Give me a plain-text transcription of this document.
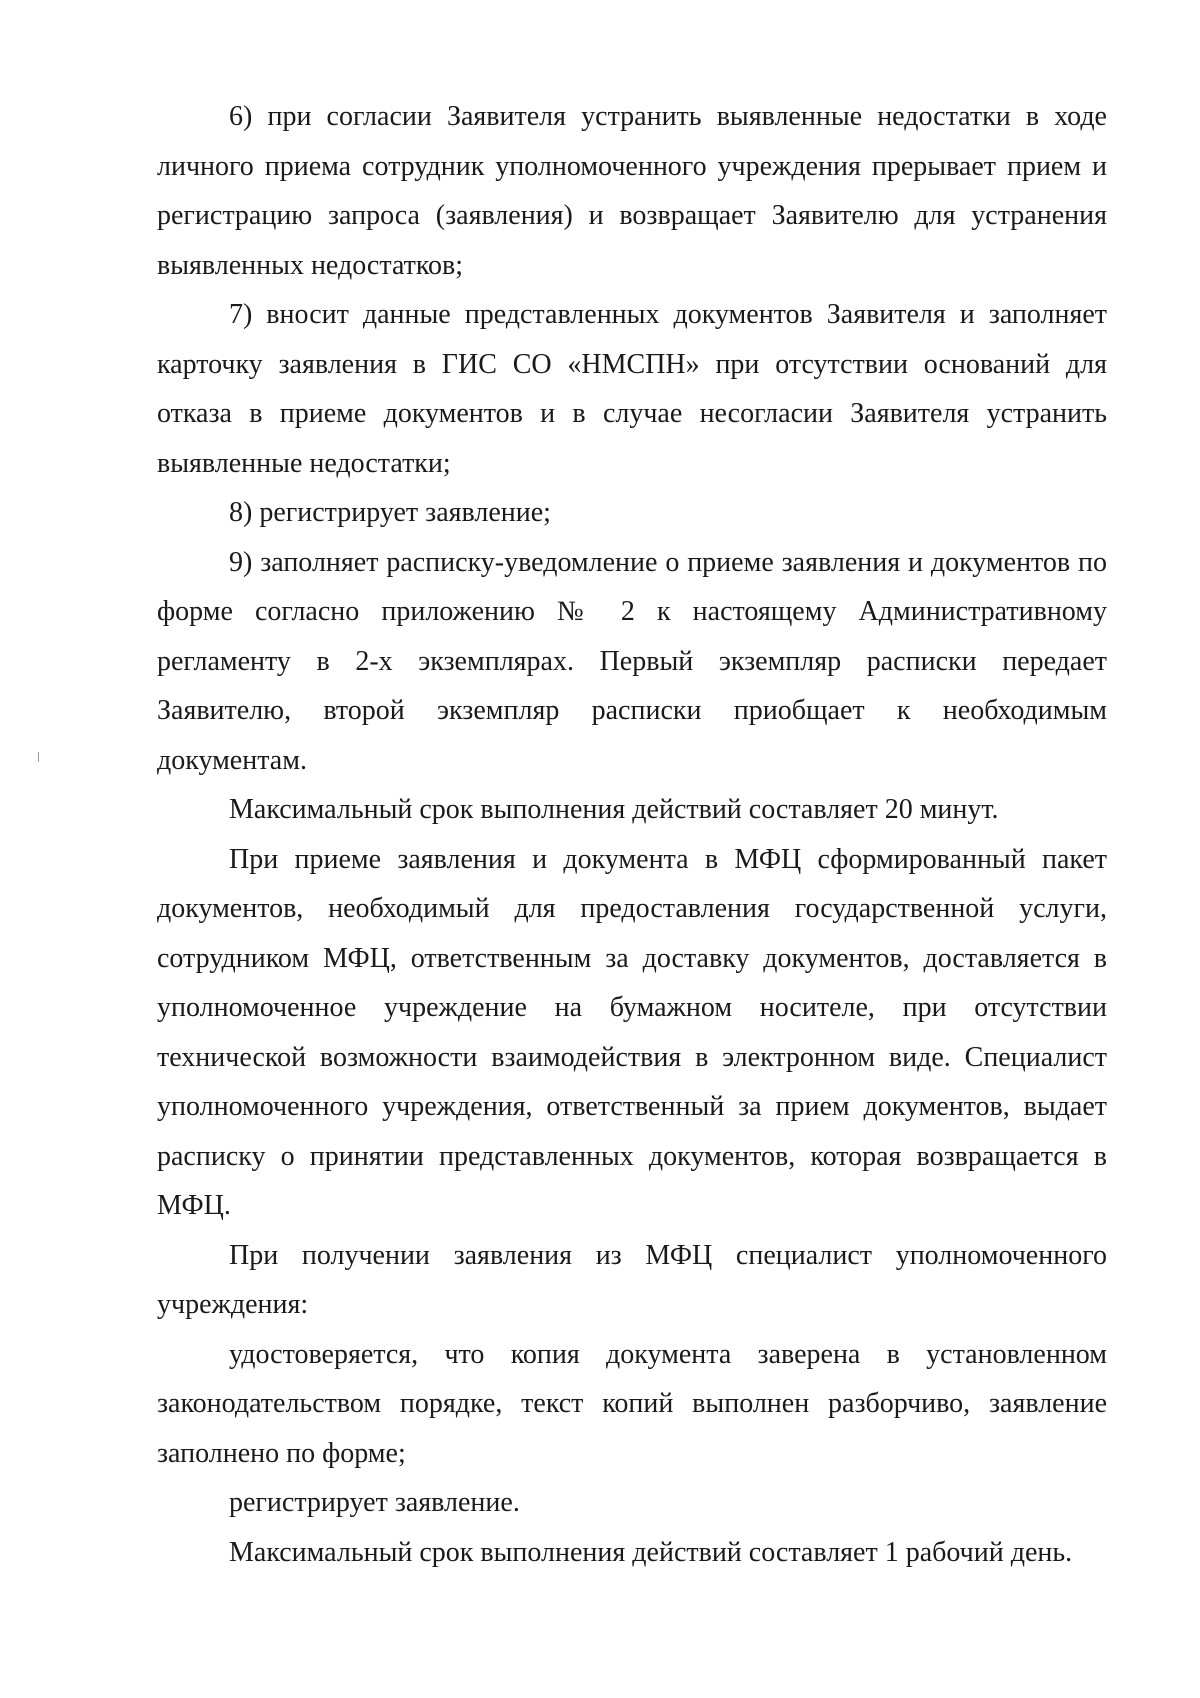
6) при согласии Заявителя устранить выявленные недостатки в ходе личного приема сотрудник уполномоченного учреждения прерывает прием и регистрацию запроса (заявления) и возвращает Заявителю для устранения выявленных недостатков;

7) вносит данные представленных документов Заявителя и заполняет карточку заявления в ГИС СО «НМСПН» при отсутствии оснований для отказа в приеме документов и в случае несогласии Заявителя устранить выявленные недостатки;

8) регистрирует заявление;

9) заполняет расписку-уведомление о приеме заявления и документов по форме согласно приложению № 2 к настоящему Административному регламенту в 2-х экземплярах. Первый экземпляр расписки передает Заявителю, второй экземпляр расписки приобщает к необходимым документам.

Максимальный срок выполнения действий составляет 20 минут.

При приеме заявления и документа в МФЦ сформированный пакет документов, необходимый для предоставления государственной услуги, сотрудником МФЦ, ответственным за доставку документов, доставляется в уполномоченное учреждение на бумажном носителе, при отсутствии технической возможности взаимодействия в электронном виде. Специалист уполномоченного учреждения, ответственный за прием документов, выдает расписку о принятии представленных документов, которая возвращается в МФЦ.

При получении заявления из МФЦ специалист уполномоченного учреждения:

удостоверяется, что копия документа заверена в установленном законодательством порядке, текст копий выполнен разборчиво, заявление заполнено по форме;

регистрирует заявление.

Максимальный срок выполнения действий составляет 1 рабочий день.
